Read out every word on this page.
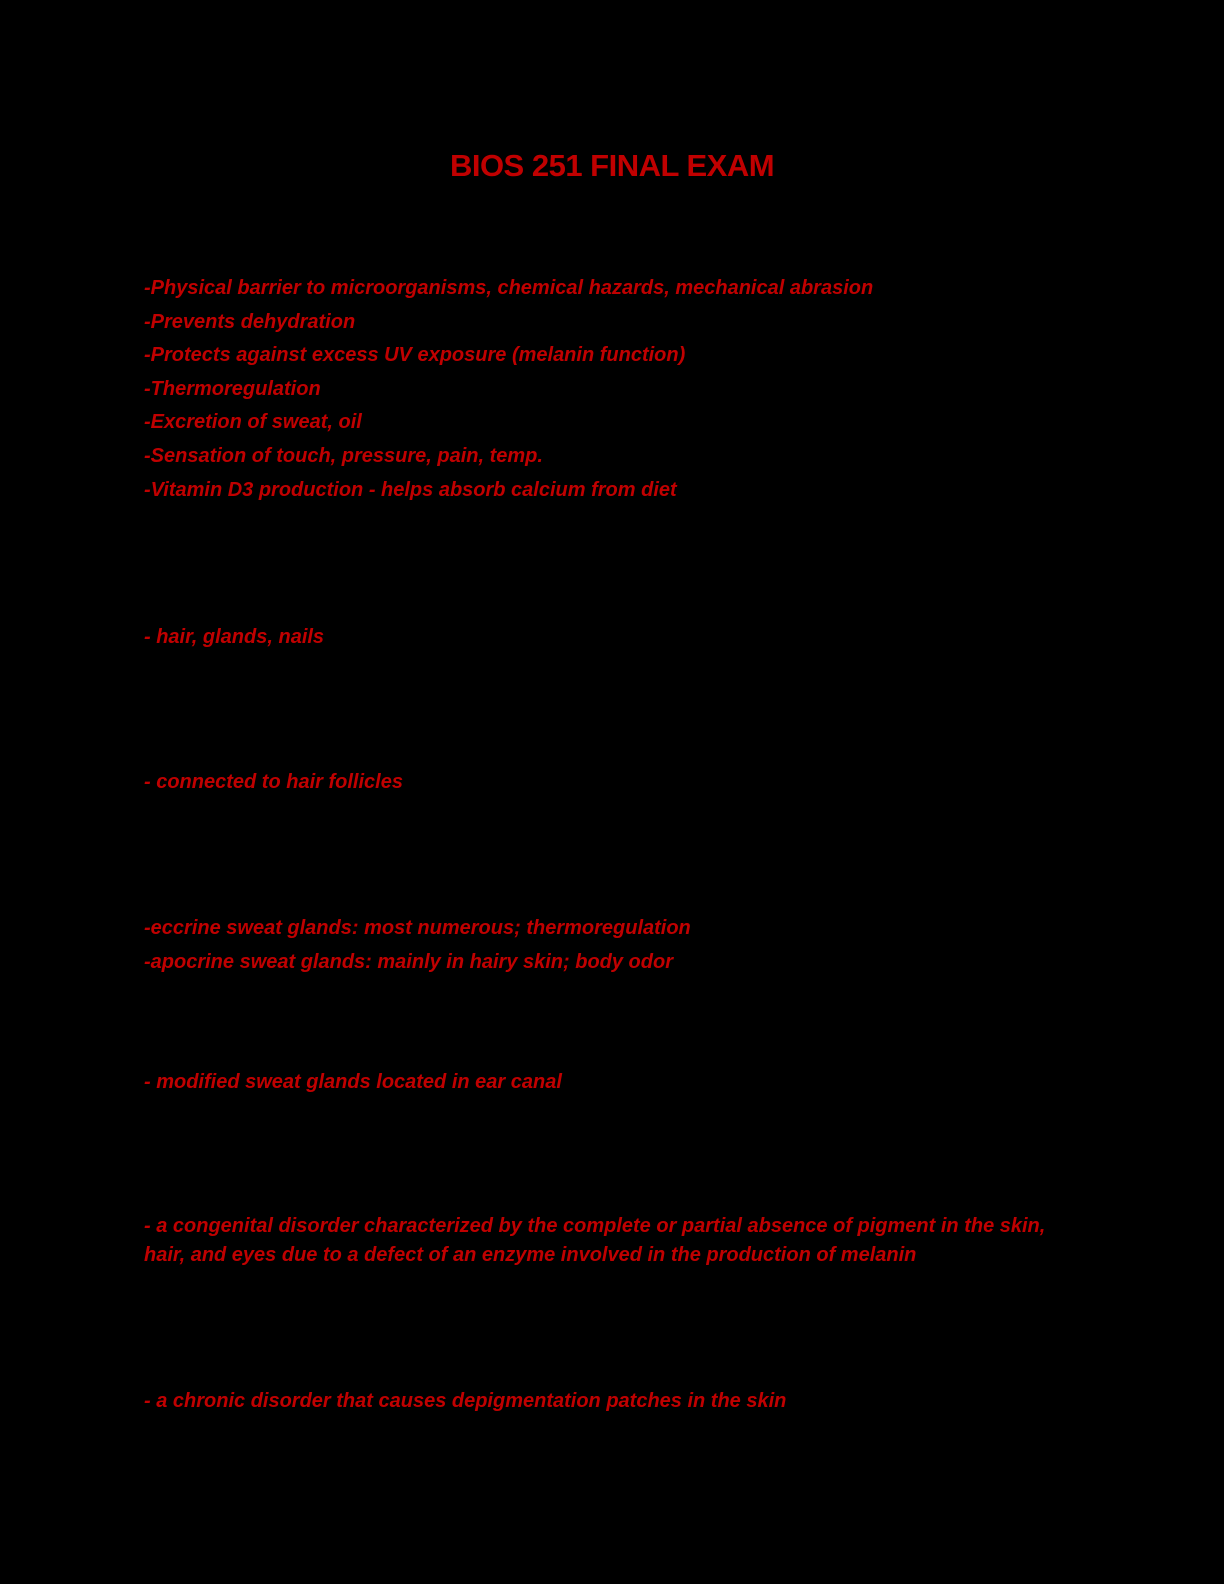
BIOS 251 FINAL EXAM
-Physical barrier to microorganisms, chemical hazards, mechanical abrasion
-Prevents dehydration
-Protects against excess UV exposure (melanin function)
-Thermoregulation
-Excretion of sweat, oil
-Sensation of touch, pressure, pain, temp.
-Vitamin D3 production - helps absorb calcium from diet
- hair, glands, nails
- connected to hair follicles
-eccrine sweat glands: most numerous; thermoregulation
-apocrine sweat glands: mainly in hairy skin; body odor
- modified sweat glands located in ear canal
- a congenital disorder characterized by the complete or partial absence of pigment in the skin, hair, and eyes due to a defect of an enzyme involved in the production of melanin
- a chronic disorder that causes depigmentation patches in the skin
